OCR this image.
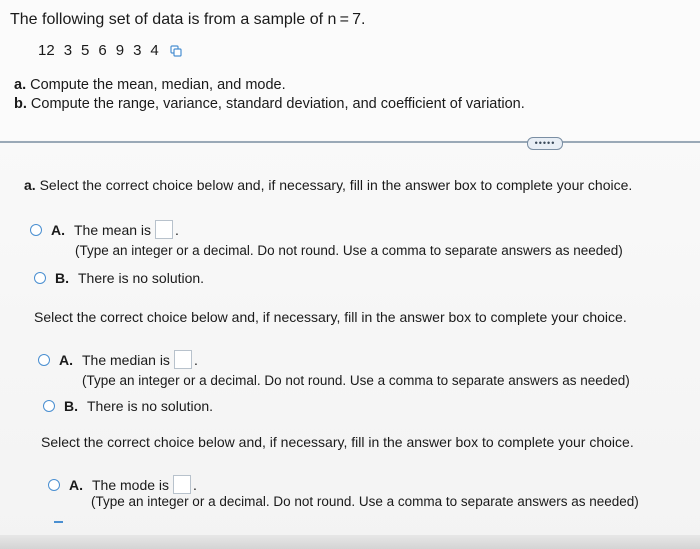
The following set of data is from a sample of n = 7.
12 3 5 6 9 3 4
a. Compute the mean, median, and mode.
b. Compute the range, variance, standard deviation, and coefficient of variation.
•••••
a. Select the correct choice below and, if necessary, fill in the answer box to complete your choice.
A. The mean is .
(Type an integer or a decimal. Do not round. Use a comma to separate answers as needed)
B. There is no solution.
Select the correct choice below and, if necessary, fill in the answer box to complete your choice.
A. The median is .
(Type an integer or a decimal. Do not round. Use a comma to separate answers as needed)
B. There is no solution.
Select the correct choice below and, if necessary, fill in the answer box to complete your choice.
A. The mode is .
(Type an integer or a decimal. Do not round. Use a comma to separate answers as needed)
